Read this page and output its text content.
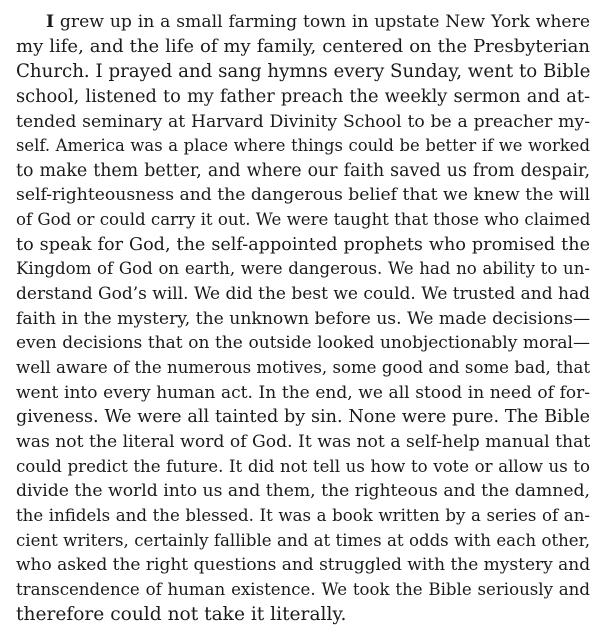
I grew up in a small farming town in upstate New York where
my life, and the life of my family, centered on the Presbyterian
Church. I prayed and sang hymns every Sunday, went to Bible
school, listened to my father preach the weekly sermon and at-
tended seminary at Harvard Divinity School to be a preacher my-
self. America was a place where things could be better if we worked
to make them better, and where our faith saved us from despair,
self-righteousness and the dangerous belief that we knew the will
of God or could carry it out. We were taught that those who claimed
to speak for God, the self-appointed prophets who promised the
Kingdom of God on earth, were dangerous. We had no ability to un-
derstand God’s will. We did the best we could. We trusted and had
faith in the mystery, the unknown before us. We made decisions—
even decisions that on the outside looked unobjectionably moral—
well aware of the numerous motives, some good and some bad, that
went into every human act. In the end, we all stood in need of for-
giveness. We were all tainted by sin. None were pure. The Bible
was not the literal word of God. It was not a self-help manual that
could predict the future. It did not tell us how to vote or allow us to
divide the world into us and them, the righteous and the damned,
the infidels and the blessed. It was a book written by a series of an-
cient writers, certainly fallible and at times at odds with each other,
who asked the right questions and struggled with the mystery and
transcendence of human existence. We took the Bible seriously and
therefore could not take it literally.
